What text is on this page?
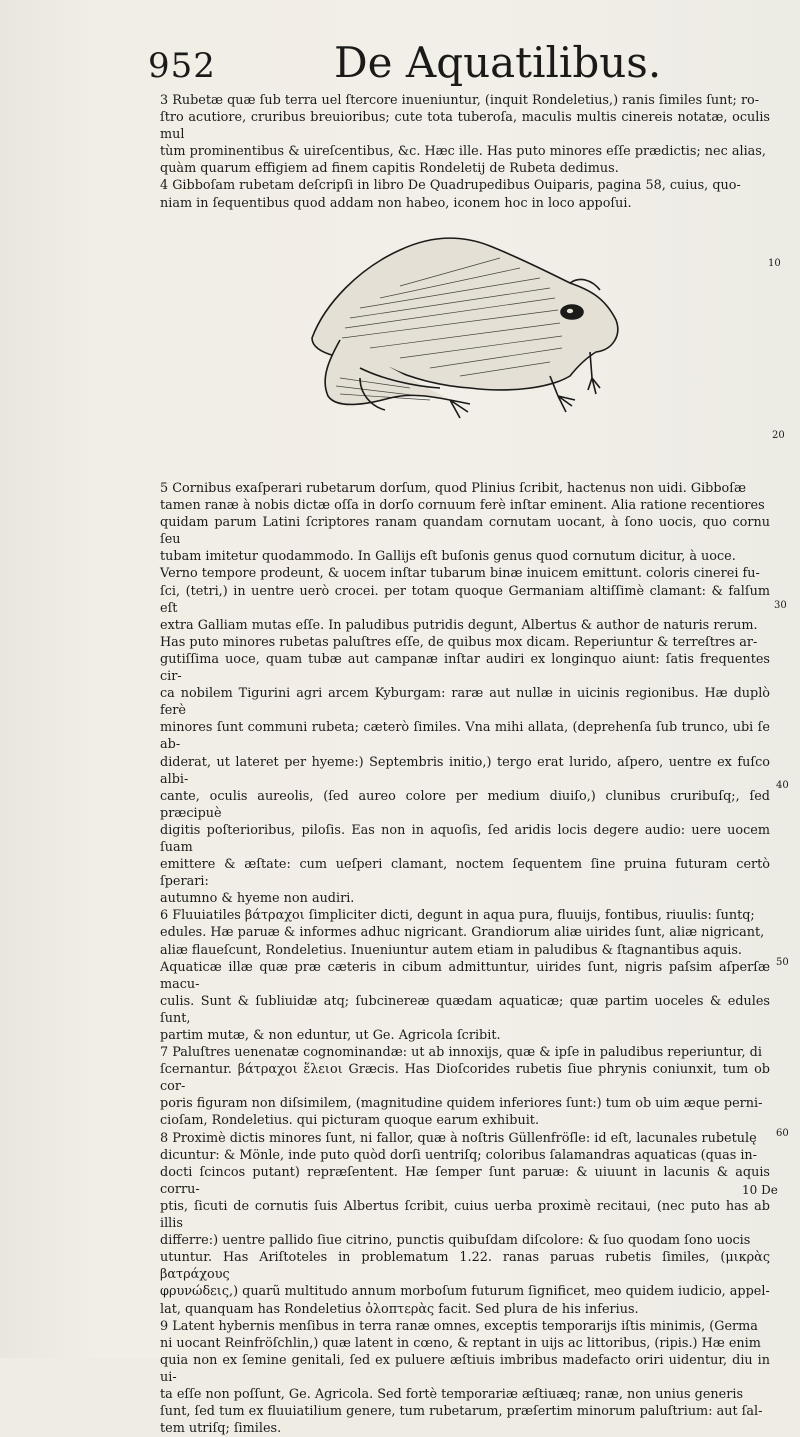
952	De Aquatilibus.

3 Rubetæ quæ ſub terra uel ſtercore inueniuntur, (inquit Rondeletius,) ranis ſimiles ſunt; ro-

ſtro acutiore, cruribus breuioribus; cute tota tuberoſa, maculis multis cinereis notatæ, oculis mul

tùm prominentibus & uireſcentibus, &c. Hæc ille. Has puto minores eſſe prædictis; nec alias,

quàm quarum effigiem ad finem capitis Rondeletij de Rubeta dedimus.

4 Gibboſam rubetam deſcripſi in libro De Quadrupedibus Ouiparis, pagina 58, cuius, quo-

niam in ſequentibus quod addam non habeo, iconem hoc in loco appoſui.

5 Cornibus exaſperari rubetarum dorſum, quod Plinius ſcribit, hactenus non uidi. Gibboſæ

tamen ranæ à nobis dictæ oſſa in dorſo cornuum ferè inſtar eminent. Alia ratione recentiores

quidam parum Latini ſcriptores ranam quandam cornutam uocant, à ſono uocis, quo cornu ſeu

tubam imitetur quodammodo. In Gallijs eſt buſonis genus quod cornutum dicitur, à uoce.

Verno tempore prodeunt, & uocem inſtar tubarum binæ inuicem emittunt. coloris cinerei fu-

ſci, (tetri,) in uentre uerò crocei. per totam quoque Germaniam altiſſimè clamant: & falſum eſt

extra Galliam mutas eſſe. In paludibus putridis degunt, Albertus & author de naturis rerum.

Has puto minores rubetas paluſtres eſſe, de quibus mox dicam. Reperiuntur & terreſtres ar-

gutiſſima uoce, quam tubæ aut campanæ inſtar audiri ex longinquo aiunt: ſatis frequentes cir-

ca nobilem Tigurini agri arcem Kyburgam: raræ aut nullæ in uicinis regionibus. Hæ duplò ferè

minores ſunt communi rubeta; cæterò ſimiles. Vna mihi allata, (deprehenſa ſub trunco, ubi ſe ab-

diderat, ut lateret per hyeme:) Septembris initio,) tergo erat lurido, aſpero, uentre ex fuſco albi-

cante, oculis aureolis, (ſed aureo colore per medium diuiſo,) clunibus cruribuſq;, ſed præcipuè

digitis poſterioribus, piloſis. Eas non in aquoſis, ſed aridis locis degere audio: uere uocem ſuam

emittere & æſtate: cum ueſperi clamant, noctem ſequentem ſine pruina futuram certò ſperari:

autumno & hyeme non audiri.

6 Fluuiatiles βάτραχοι ſimpliciter dicti, degunt in aqua pura, fluuijs, fontibus, riuulis: ſuntq;

edules. Hæ paruæ & informes adhuc nigricant. Grandiorum aliæ uirides ſunt, aliæ nigricant,

aliæ flaueſcunt, Rondeletius. Inueniuntur autem etiam in paludibus & ſtagnantibus aquis.

Aquaticæ illæ quæ præ cæteris in cibum admittuntur, uirides ſunt, nigris paſsim aſperſæ macu-

culis. Sunt & ſubliuidæ atq; ſubcinereæ quædam aquaticæ; quæ partim uoceles & edules ſunt,

partim mutæ, & non eduntur, ut Ge. Agricola ſcribit.

7 Paluſtres uenenatæ cognominandæ: ut ab innoxijs, quæ & ipſe in paludibus reperiuntur, di

ſcernantur. βάτραχοι ἕλειοι Græcis. Has Dioſcorides rubetis ſiue phrynis coniunxit, tum ob cor-

poris figuram non diſsimilem, (magnitudine quidem inferiores ſunt:) tum ob uim æque perni-

cioſam, Rondeletius. qui picturam quoque earum exhibuit.

8 Proximè dictis minores ſunt, ni fallor, quæ à noſtris Güllenfröſle: id eſt, lacunales rubetulę

dicuntur: & Mönle, inde puto quòd dorſi uentriſq; coloribus ſalamandras aquaticas (quas in-

docti ſcincos putant) repræſentent. Hæ ſemper ſunt paruæ: & uiuunt in lacunis & aquis corru-

ptis, ſicuti de cornutis ſuis Albertus ſcribit, cuius uerba proximè recitaui, (nec puto has ab illis

differre:) uentre pallido ſiue citrino, punctis quibuſdam diſcolore: & ſuo quodam ſono uocis

utuntur. Has Ariſtoteles in problematum 1.22. ranas paruas rubetis ſimiles, (μικρὰς βατράχους

φρυνώδεις,) quarũ multitudo annum morboſum futurum ſignificet, meo quidem iudicio, appel-

lat, quanquam has Rondeletius ὀλοπτερὰς facit. Sed plura de his inferius.

9 Latent hybernis menſibus in terra ranæ omnes, exceptis temporarijs iſtis minimis, (Germa

ni uocant Reinfröſchlin,) quæ latent in cœno, & reptant in uijs ac littoribus, (ripis.) Hæ enim

quia non ex ſemine genitali, ſed ex puluere æſtiuis imbribus madefacto oriri uidentur, diu in ui-

ta eſſe non poſſunt, Ge. Agricola. Sed fortè temporariæ æſtiuæq; ranæ, non unius generis

ſunt, ſed tum ex fluuiatilium genere, tum rubetarum, præſertim minorum paluſtrium: aut ſal-

tem utriſq; ſimiles.

10
20
30
40
50
60
10 De
